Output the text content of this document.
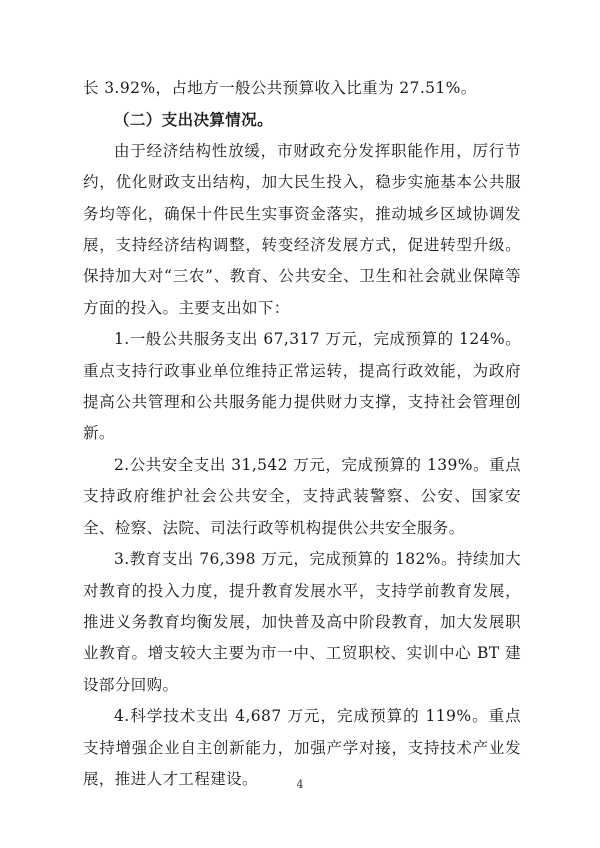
长 3.92%，占地方一般公共预算收入比重为 27.51%。

（二）支出决算情况。

由于经济结构性放缓，市财政充分发挥职能作用，厉行节约，优化财政支出结构，加大民生投入，稳步实施基本公共服务均等化，确保十件民生实事资金落实，推动城乡区域协调发展，支持经济结构调整，转变经济发展方式，促进转型升级。保持加大对“三农”、教育、公共安全、卫生和社会就业保障等方面的投入。主要支出如下：

1.一般公共服务支出 67,317 万元，完成预算的 124%。重点支持行政事业单位维持正常运转，提高行政效能，为政府提高公共管理和公共服务能力提供财力支撑，支持社会管理创新。

2.公共安全支出 31,542 万元，完成预算的 139%。重点支持政府维护社会公共安全，支持武装警察、公安、国家安全、检察、法院、司法行政等机构提供公共安全服务。

3.教育支出 76,398 万元，完成预算的 182%。持续加大对教育的投入力度，提升教育发展水平，支持学前教育发展，推进义务教育均衡发展，加快普及高中阶段教育，加大发展职业教育。增支较大主要为市一中、工贸职校、实训中心 BT 建设部分回购。

4.科学技术支出 4,687 万元，完成预算的 119%。重点支持增强企业自主创新能力，加强产学对接，支持技术产业发展，推进人才工程建设。	4
